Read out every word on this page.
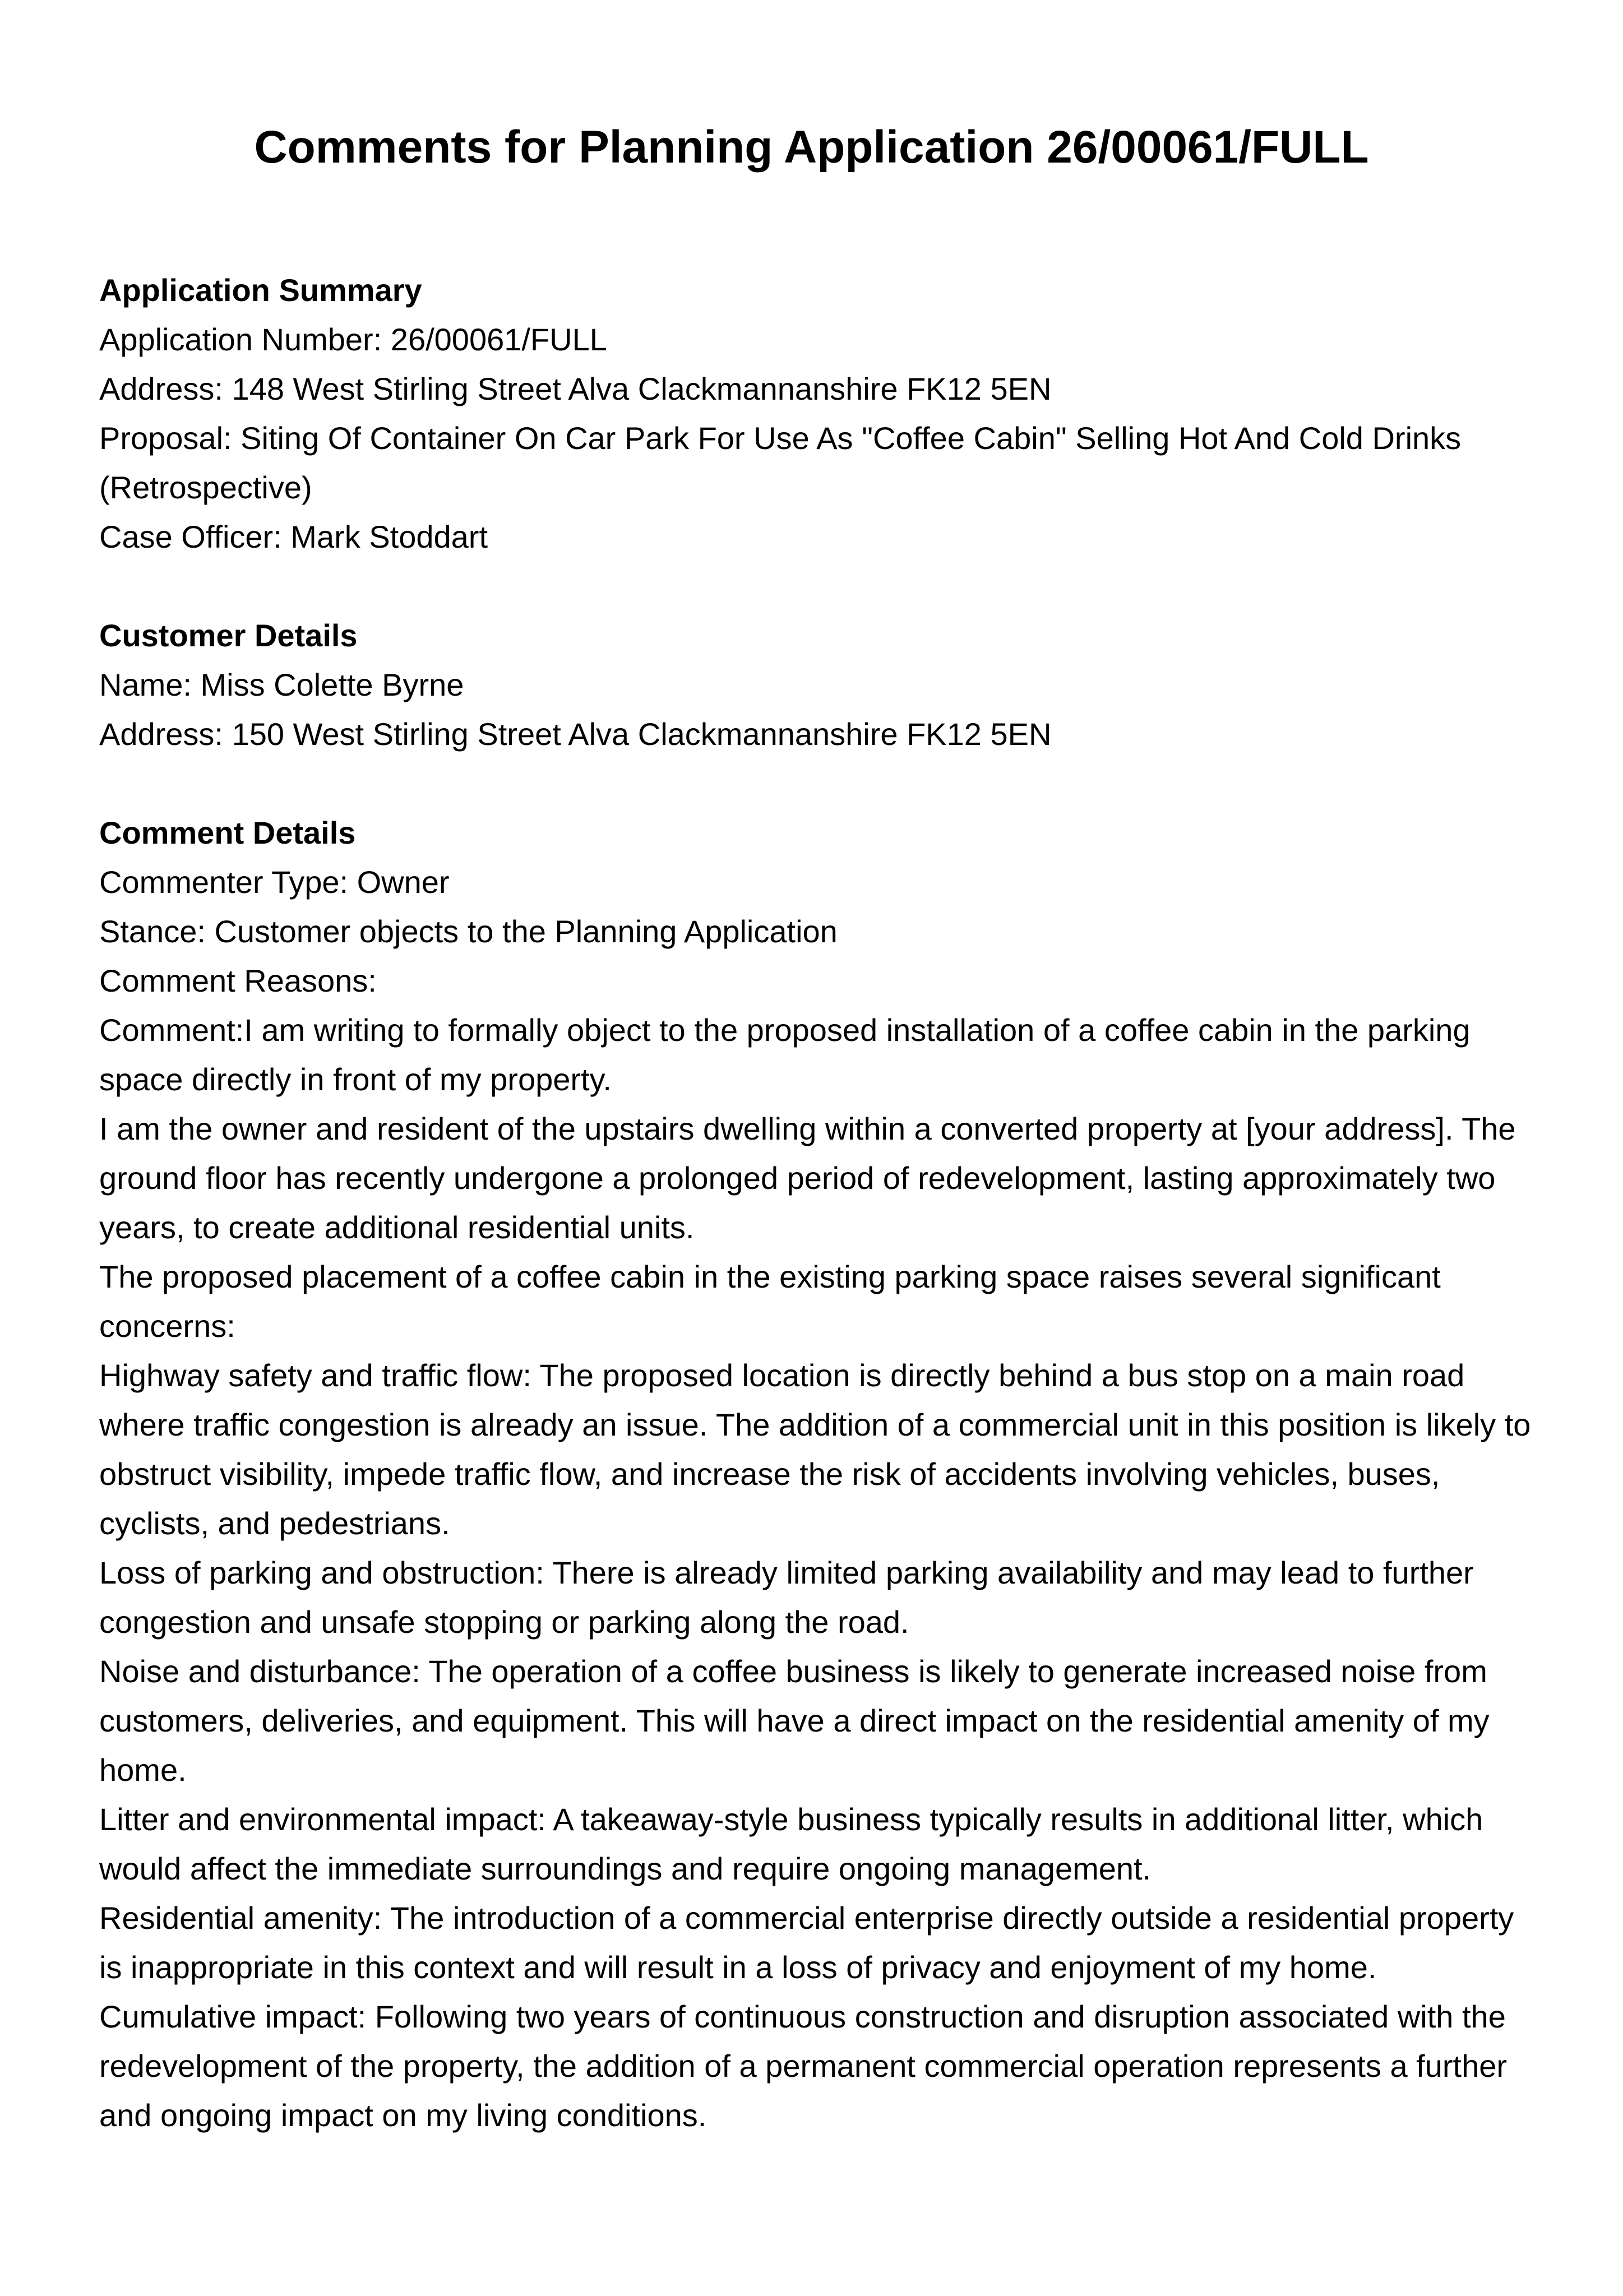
Comments for Planning Application 26/00061/FULL

Application Summary

Application Number: 26/00061/FULL

Address: 148 West Stirling Street Alva Clackmannanshire FK12 5EN

Proposal: Siting Of Container On Car Park For Use As "Coffee Cabin" Selling Hot And Cold Drinks (Retrospective)

Case Officer: Mark Stoddart

Customer Details

Name: Miss Colette Byrne

Address: 150 West Stirling Street Alva Clackmannanshire FK12 5EN

Comment Details

Commenter Type: Owner

Stance: Customer objects to the Planning Application

Comment Reasons:

Comment:I am writing to formally object to the proposed installation of a coffee cabin in the parking space directly in front of my property.

I am the owner and resident of the upstairs dwelling within a converted property at [your address]. The ground floor has recently undergone a prolonged period of redevelopment, lasting approximately two years, to create additional residential units.

The proposed placement of a coffee cabin in the existing parking space raises several significant concerns:

Highway safety and traffic flow: The proposed location is directly behind a bus stop on a main road where traffic congestion is already an issue. The addition of a commercial unit in this position is likely to obstruct visibility, impede traffic flow, and increase the risk of accidents involving vehicles, buses, cyclists, and pedestrians.

Loss of parking and obstruction: There is already limited parking availability and may lead to further congestion and unsafe stopping or parking along the road.

Noise and disturbance: The operation of a coffee business is likely to generate increased noise from customers, deliveries, and equipment. This will have a direct impact on the residential amenity of my home.

Litter and environmental impact: A takeaway-style business typically results in additional litter, which would affect the immediate surroundings and require ongoing management.

Residential amenity: The introduction of a commercial enterprise directly outside a residential property is inappropriate in this context and will result in a loss of privacy and enjoyment of my home.

Cumulative impact: Following two years of continuous construction and disruption associated with the redevelopment of the property, the addition of a permanent commercial operation represents a further and ongoing impact on my living conditions.
